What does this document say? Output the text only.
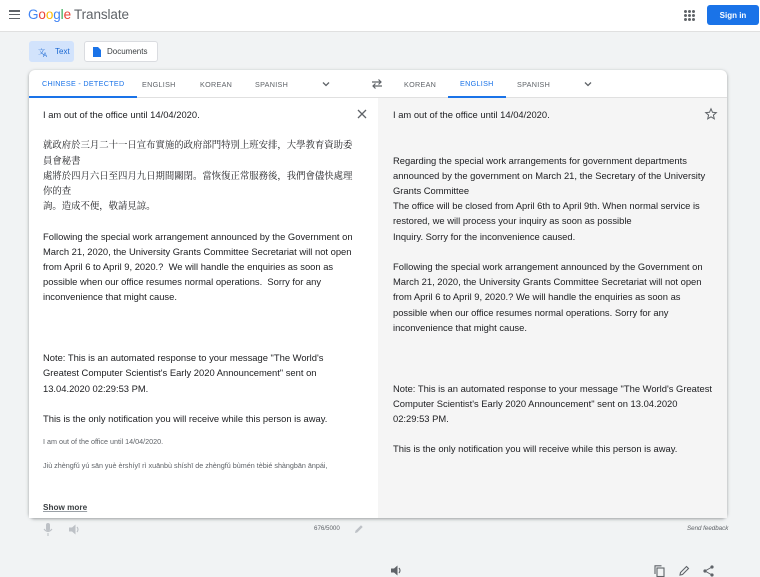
Google Translate	Sign in
文
A Text	Documents
CHINESE - DETECTED	ENGLISH	KOREAN	SPANISH	KOREAN	ENGLISH	SPANISH
I am out of the office until 14/04/2020.

就政府於三月二十一日宣布實施的政府部門特別上班安排，大學教育資助委員會秘書
處將於四月六日至四月九日期間關閉。當恢復正常服務後，我們會儘快處理你的查
詢。造成不便，敬請見諒。

Following the special work arrangement announced by the Government on March 21, 2020, the University Grants Committee Secretariat will not open from April 6 to April 9, 2020.?  We will handle the enquiries as soon as possible when our office resumes normal operations.  Sorry for any inconvenience that might cause.

Note: This is an automated response to your message "The World's Greatest Computer Scientist's Early 2020 Announcement" sent on 13.04.2020 02:29:53 PM.

This is the only notification you will receive while this person is away.
I am out of the office until 14/04/2020.
Jiù zhèngfǔ yú sān yuè èrshíyī rì xuānbù shíshī de zhèngfǔ bùmén tèbié shàngbān ānpái,
Show more
676/5000
I am out of the office until 14/04/2020.

Regarding the special work arrangements for government departments announced by the government on March 21, the Secretary of the University Grants Committee
The office will be closed from April 6th to April 9th. When normal service is restored, we will process your inquiry as soon as possible
Inquiry. Sorry for the inconvenience caused.

Following the special work arrangement announced by the Government on March 21, 2020, the University Grants Committee Secretariat will not open from April 6 to April 9, 2020.? We will handle the enquiries as soon as possible when our office resumes normal operations. Sorry for any inconvenience that might cause.

Note: This is an automated response to your message "The World's Greatest Computer Scientist's Early 2020 Announcement" sent on 13.04.2020 02:29:53 PM.

This is the only notification you will receive while this person is away.
Send feedback
